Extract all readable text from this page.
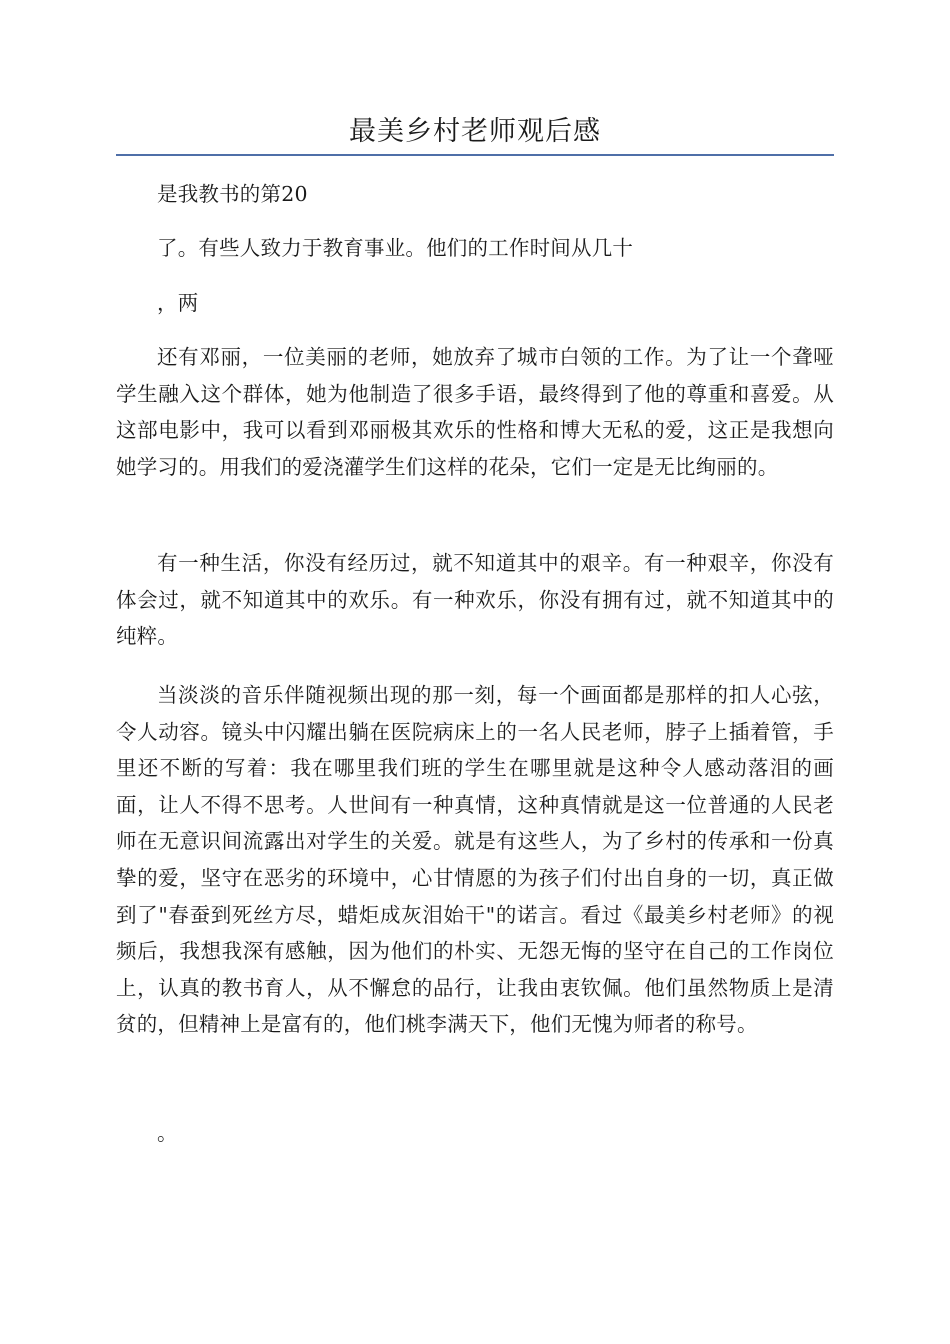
最美乡村老师观后感

是我教书的第20

了。有些人致力于教育事业。他们的工作时间从几十

，两

还有邓丽，一位美丽的老师，她放弃了城市白领的工作。为了让一个聋哑学生融入这个群体，她为他制造了很多手语，最终得到了他的尊重和喜爱。从这部电影中，我可以看到邓丽极其欢乐的性格和博大无私的爱，这正是我想向她学习的。用我们的爱浇灌学生们这样的花朵，它们一定是无比绚丽的。

有一种生活，你没有经历过，就不知道其中的艰辛。有一种艰辛，你没有体会过，就不知道其中的欢乐。有一种欢乐，你没有拥有过，就不知道其中的纯粹。

当淡淡的音乐伴随视频出现的那一刻，每一个画面都是那样的扣人心弦，令人动容。镜头中闪耀出躺在医院病床上的一名人民老师，脖子上插着管，手里还不断的写着：我在哪里我们班的学生在哪里就是这种令人感动落泪的画面，让人不得不思考。人世间有一种真情，这种真情就是这一位普通的人民老师在无意识间流露出对学生的关爱。就是有这些人，为了乡村的传承和一份真挚的爱，坚守在恶劣的环境中，心甘情愿的为孩子们付出自身的一切，真正做到了"春蚕到死丝方尽，蜡炬成灰泪始干"的诺言。看过《最美乡村老师》的视频后，我想我深有感触，因为他们的朴实、无怨无悔的坚守在自己的工作岗位上，认真的教书育人，从不懈怠的品行，让我由衷钦佩。他们虽然物质上是清贫的，但精神上是富有的，他们桃李满天下，他们无愧为师者的称号。

。
